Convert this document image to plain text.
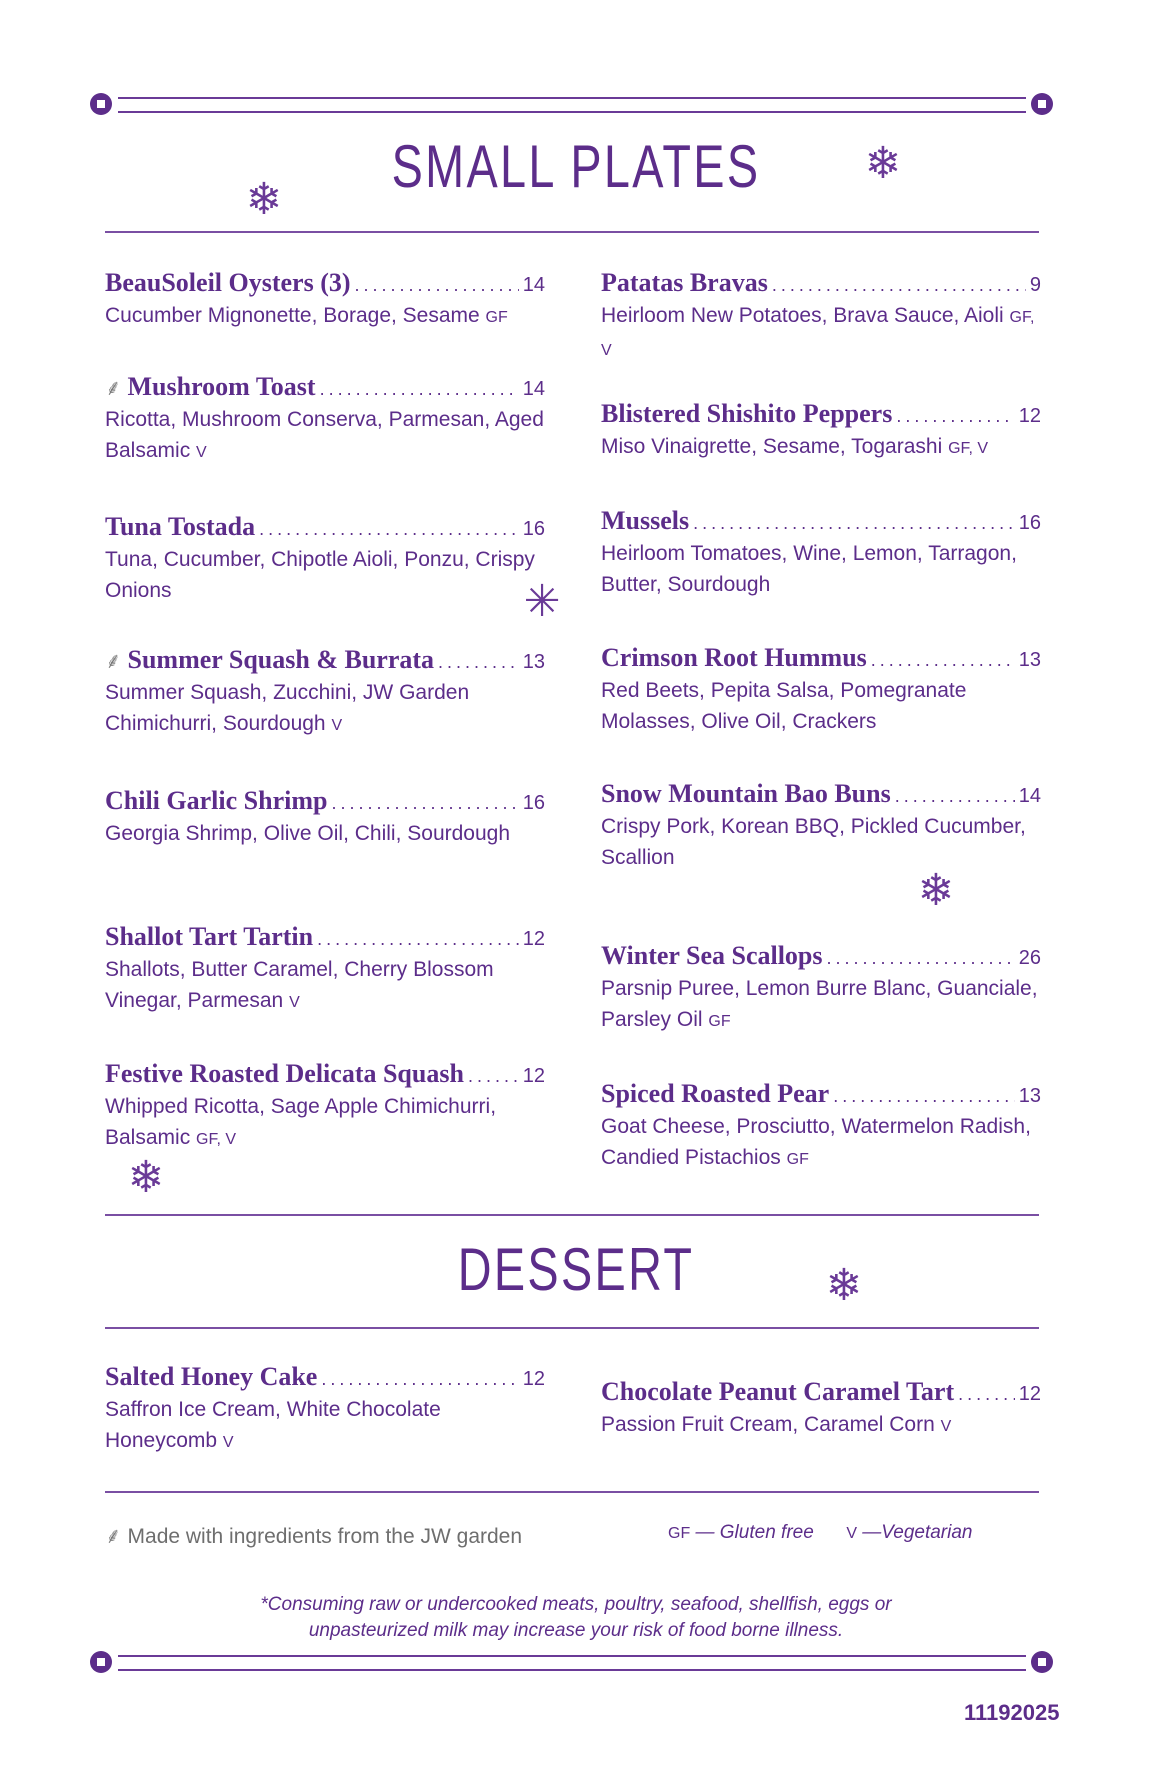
SMALL PLATES
BeauSoleil Oysters (3) .....	14
Cucumber Mignonette, Borage, Sesame GF
⸙ Mushroom Toast .....	14
Ricotta, Mushroom Conserva, Parmesan, Aged Balsamic V
Tuna Tostada .....	16
Tuna, Cucumber, Chipotle Aioli, Ponzu, Crispy Onions
⸙ Summer Squash & Burrata .....	13
Summer Squash, Zucchini, JW Garden Chimichurri, Sourdough V
Chili Garlic Shrimp .....	16
Georgia Shrimp, Olive Oil, Chili, Sourdough
Shallot Tart Tartin .....	12
Shallots, Butter Caramel, Cherry Blossom Vinegar, Parmesan V
Festive Roasted Delicata Squash .....	12
Whipped Ricotta, Sage Apple Chimichurri, Balsamic GF, V
Patatas Bravas .....	9
Heirloom New Potatoes, Brava Sauce, Aioli GF, V
Blistered Shishito Peppers .....	12
Miso Vinaigrette, Sesame, Togarashi GF, V
Mussels .....	16
Heirloom Tomatoes, Wine, Lemon, Tarragon, Butter, Sourdough
Crimson Root Hummus .....	13
Red Beets, Pepita Salsa, Pomegranate Molasses, Olive Oil, Crackers
Snow Mountain Bao Buns .....	14
Crispy Pork, Korean BBQ, Pickled Cucumber, Scallion
Winter Sea Scallops .....	26
Parsnip Puree, Lemon Burre Blanc, Guanciale, Parsley Oil GF
Spiced Roasted Pear .....	13
Goat Cheese, Prosciutto, Watermelon Radish, Candied Pistachios GF
Salted Honey Cake .....	12
Saffron Ice Cream, White Chocolate Honeycomb V
Chocolate Peanut Caramel Tart .....	12
Passion Fruit Cream, Caramel Corn V
DESSERT
❄
❄
✳
❄
❄
❄
⸙ Made with ingredients from the JW garden	GF — Gluten free V —Vegetarian
*Consuming raw or undercooked meats, poultry, seafood, shellfish, eggs or
unpasteurized milk may increase your risk of food borne illness.
11192025
